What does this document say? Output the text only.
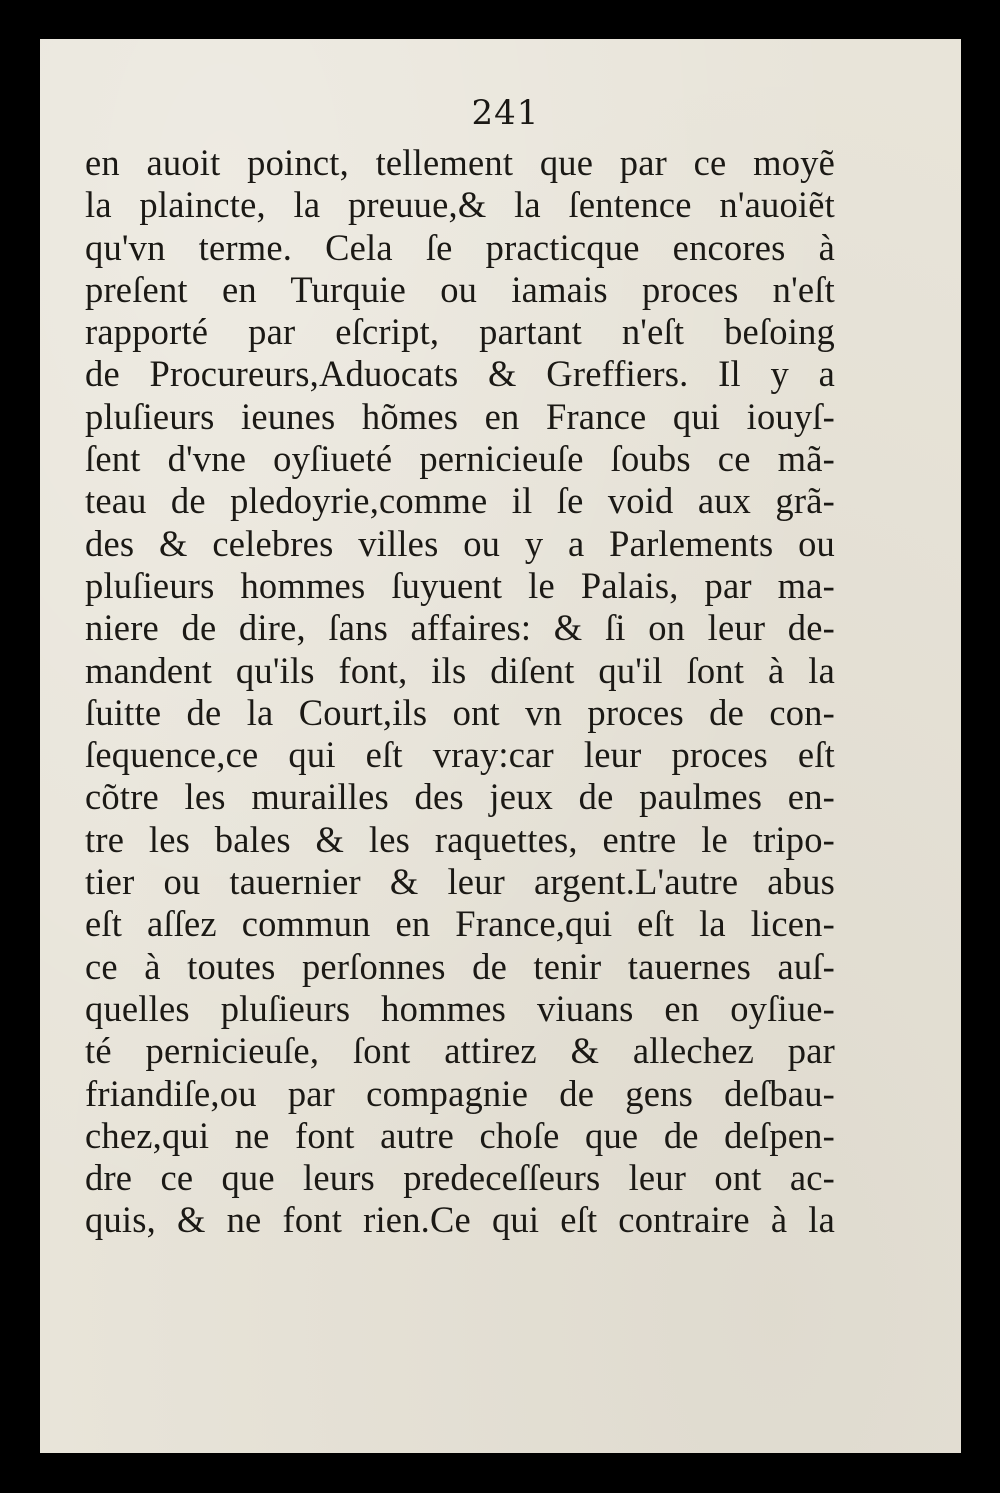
241
en auoit poinct, tellement que par ce moyẽ
la plaincte, la preuue,& la ſentence n'auoiẽt
qu'vn terme. Cela ſe practicque encores à
preſent en Turquie ou iamais proces n'eſt
rapporté par eſcript, partant n'eſt beſoing
de Procureurs,Aduocats & Greffiers. Il y a
pluſieurs ieunes hõmes en France qui iouyſ-
ſent d'vne oyſiueté pernicieuſe ſoubs ce mã-
teau de pledoyrie,comme il ſe void aux grã-
des & celebres villes ou y a Parlements ou
pluſieurs hommes ſuyuent le Palais, par ma-
niere de dire, ſans affaires: & ſi on leur de-
mandent qu'ils font, ils diſent qu'il ſont à la
ſuitte de la Court,ils ont vn proces de con-
ſequence,ce qui eſt vray:car leur proces eſt
cõtre les murailles des jeux de paulmes en-
tre les bales & les raquettes, entre le tripo-
tier ou tauernier & leur argent.L'autre abus
eſt aſſez commun en France,qui eſt la licen-
ce à toutes perſonnes de tenir tauernes auſ-
quelles pluſieurs hommes viuans en oyſiue-
té pernicieuſe, ſont attirez & allechez par
friandiſe,ou par compagnie de gens deſbau-
chez,qui ne font autre choſe que de deſpen-
dre ce que leurs predeceſſeurs leur ont ac-
quis, & ne font rien.Ce qui eſt contraire à la
